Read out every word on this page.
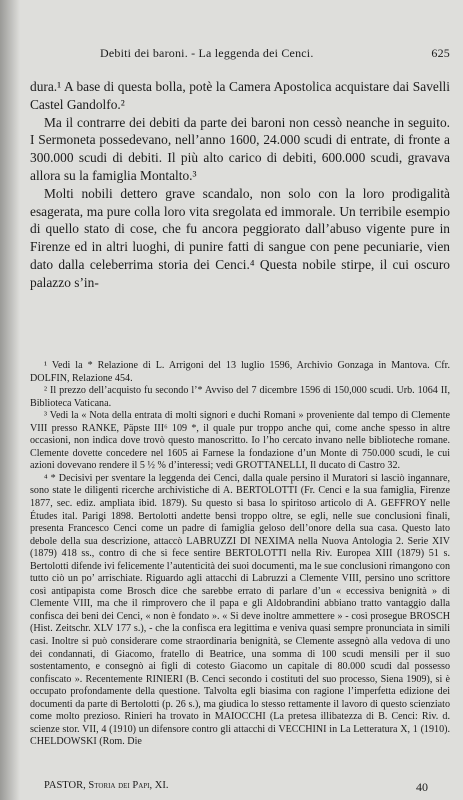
Debiti dei baroni. - La leggenda dei Cenci.	625

dura.¹ A base di questa bolla, potè la Camera Apostolica acquistare dai Savelli Castel Gandolfo.²

Ma il contrarre dei debiti da parte dei baroni non cessò neanche in seguito. I Sermoneta possedevano, nell’anno 1600, 24.000 scudi di entrate, di fronte a 300.000 scudi di debiti. Il più alto carico di debiti, 600.000 scudi, gravava allora su la famiglia Montalto.³

Molti nobili dettero grave scandalo, non solo con la loro prodigalità esagerata, ma pure colla loro vita sregolata ed immorale. Un terribile esempio di quello stato di cose, che fu ancora peggiorato dall’abuso vigente pure in Firenze ed in altri luoghi, di punire fatti di sangue con pene pecuniarie, vien dato dalla celeberrima storia dei Cenci.⁴ Questa nobile stirpe, il cui oscuro palazzo s’in-

¹ Vedi la * Relazione di L. Arrigoni del 13 luglio 1596, Archivio Gonzaga in Mantova. Cfr. DOLFIN, Relazione 454.

² Il prezzo dell’acquisto fu secondo l’* Avviso del 7 dicembre 1596 di 150,000 scudi. Urb. 1064 II, Biblioteca Vaticana.

³ Vedi la « Nota della entrata di molti signori e duchi Romani » proveniente dal tempo di Clemente VIII presso RANKE, Päpste III⁶ 109 *, il quale pur troppo anche qui, come anche spesso in altre occasioni, non indica dove trovò questo manoscritto. Io l’ho cercato invano nelle biblioteche romane. Clemente dovette concedere nel 1605 ai Farnese la fondazione d’un Monte di 750.000 scudi, le cui azioni dovevano rendere il 5 ½ % d’interessi; vedi GROTTANELLI, Il ducato di Castro 32.

⁴ * Decisivi per sventare la leggenda dei Cenci, dalla quale persino il Muratori si lasciò ingannare, sono state le diligenti ricerche archivistiche di A. BERTOLOTTI (Fr. Cenci e la sua famiglia, Firenze 1877, sec. ediz. ampliata ibid. 1879). Su questo si basa lo spiritoso articolo di A. GEFFROY nelle Études ital. Parigi 1898. Bertolotti andette bensì troppo oltre, se egli, nelle sue conclusioni finali, presenta Francesco Cenci come un padre di famiglia geloso dell’onore della sua casa. Questo lato debole della sua descrizione, attaccò LABRUZZI DI NEXIMA nella Nuova Antologia 2. Serie XIV (1879) 418 ss., contro di che si fece sentire BERTOLOTTI nella Riv. Europea XIII (1879) 51 s. Bertolotti difende ivi felicemente l’autenticità dei suoi documenti, ma le sue conclusioni rimangono con tutto ciò un po’ arrischiate. Riguardo agli attacchi di Labruzzi a Clemente VIII, persino uno scrittore così antipapista come Brosch dice che sarebbe errato di parlare d’un « eccessiva benignità » di Clemente VIII, ma che il rimprovero che il papa e gli Aldobrandini abbiano tratto vantaggio dalla confisca dei beni dei Cenci, « non è fondato ». « Si deve inoltre ammettere » - così prosegue BROSCH (Hist. Zeitschr. XLV 177 s.), - che la confisca era legittima e veniva quasi sempre pronunciata in simili casi. Inoltre si può considerare come straordinaria benignità, se Clemente assegnò alla vedova di uno dei condannati, di Giacomo, fratello di Beatrice, una somma di 100 scudi mensili per il suo sostentamento, e consegnò ai figli di cotesto Giacomo un capitale di 80.000 scudi dal possesso confiscato ». Recentemente RINIERI (B. Cenci secondo i costituti del suo processo, Siena 1909), si è occupato profondamente della questione. Talvolta egli biasima con ragione l’imperfetta edizione dei documenti da parte di Bertolotti (p. 26 s.), ma giudica lo stesso rettamente il lavoro di questo scienziato come molto prezioso. Rinieri ha trovato in MAIOCCHI (La pretesa illibatezza di B. Cenci: Riv. d. scienze stor. VII, 4 (1910) un difensore contro gli attacchi di VECCHINI in La Letteratura X, 1 (1910). CHELDOWSKI (Rom. Die

PASTOR, Storia dei Papi, XI.	40
